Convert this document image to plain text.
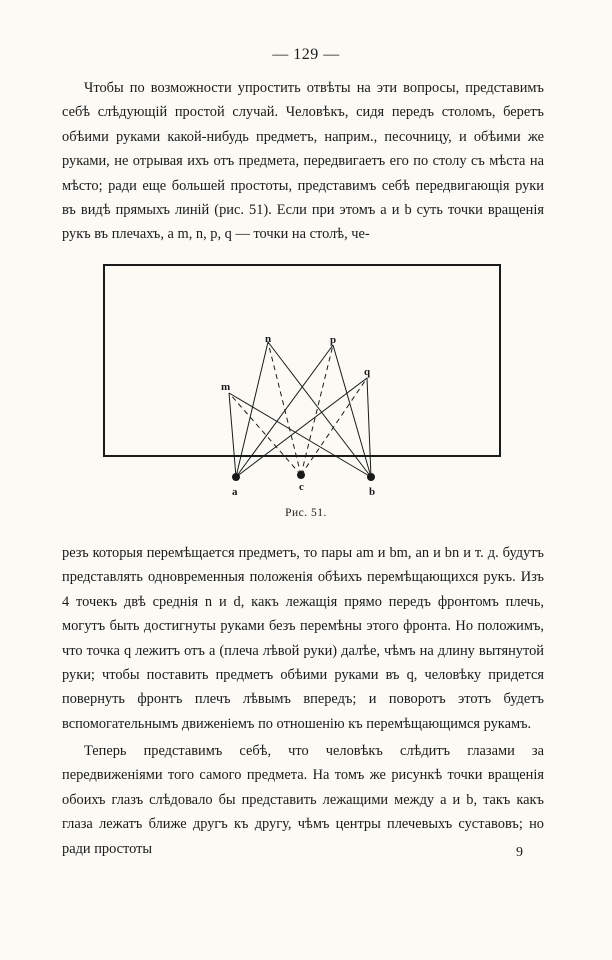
— 129 —

Чтобы по возможности упростить отвѣты на эти вопросы, представимъ себѣ слѣдующій простой случай. Человѣкъ, сидя передъ столомъ, беретъ обѣими руками какой-нибудь предметъ, наприм., песочницу, и обѣими же руками, не отрывая ихъ отъ предмета, передвигаетъ его по столу съ мѣста на мѣсто; ради еще большей простоты, представимъ себѣ передвигающія руки въ видѣ прямыхъ линій (рис. 51). Если при этомъ a и b суть точки вращенія рукъ въ плечахъ, а m, n, p, q — точки на столѣ, че-

m
n	p
q
a	c	b
Рис. 51.

резъ которыя перемѣщается предметъ, то пары am и bm, an и bn и т. д. будутъ представлять одновременныя положенія обѣихъ перемѣщающихся рукъ. Изъ 4 точекъ двѣ среднія n и d, какъ лежащія прямо передъ фронтомъ плечь, могутъ быть достигнуты руками безъ перемѣны этого фронта. Но положимъ, что точка q лежитъ отъ a (плеча лѣвой руки) далѣе, чѣмъ на длину вытянутой руки; чтобы поставить предметъ обѣими руками въ q, человѣку придется повернуть фронтъ плечъ лѣвымъ впередъ; и поворотъ этотъ будетъ вспомогательнымъ движеніемъ по отношенію къ перемѣщающимся рукамъ.

Теперь представимъ себѣ, что человѣкъ слѣдитъ глазами за передвиженіями того самого предмета. На томъ же рисункѣ точки вращенія обоихъ глазъ слѣдовало бы представить лежащими между a и b, такъ какъ глаза лежатъ ближе другъ къ другу, чѣмъ центры плечевыхъ суставовъ; но ради простоты	9
